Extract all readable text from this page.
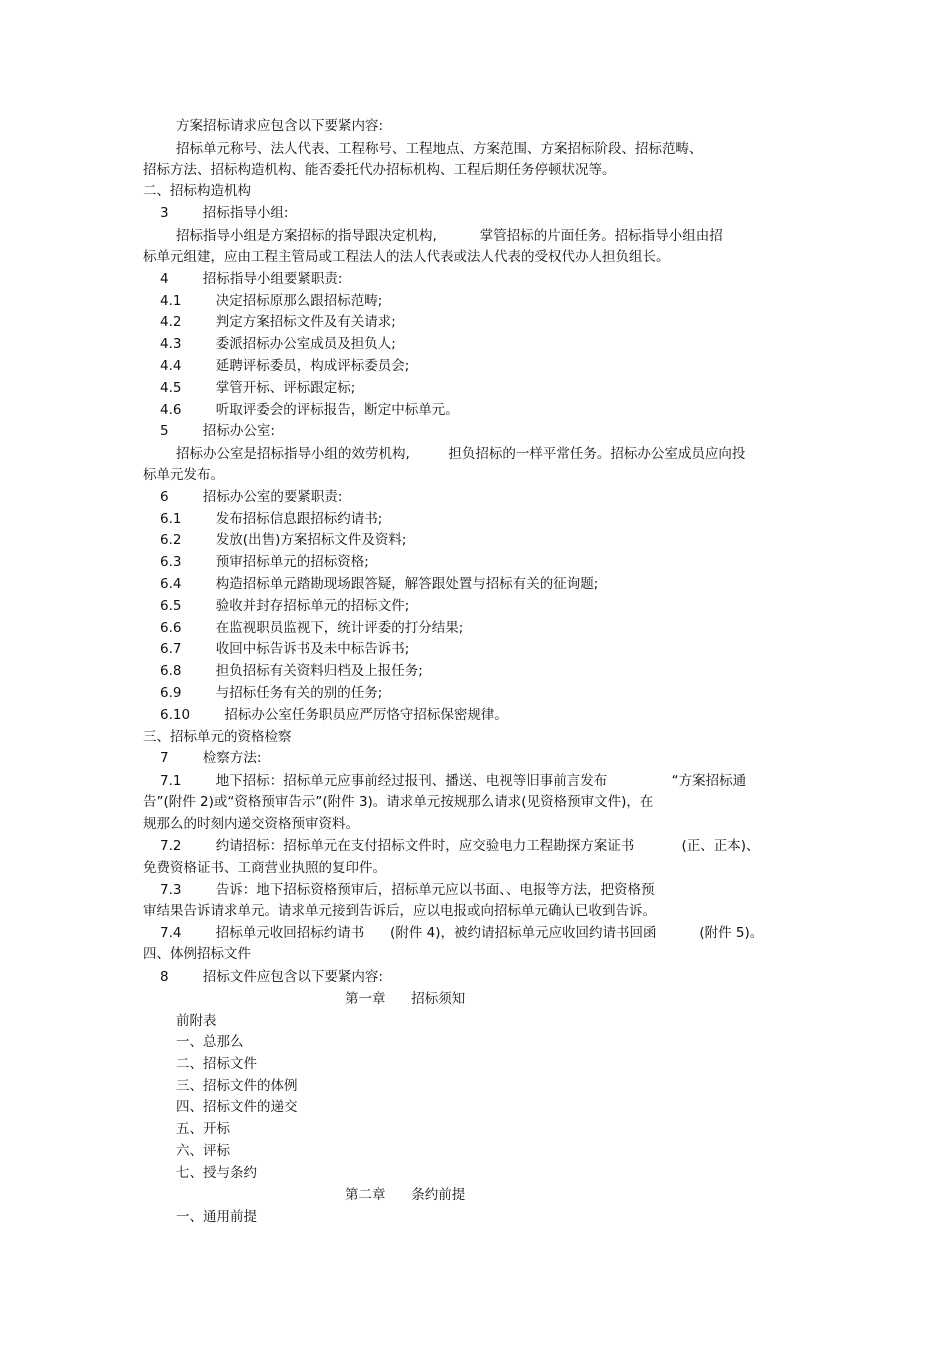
方案招标请求应包含以下要紧内容:
招标单元称号、法人代表、工程称号、工程地点、方案范围、方案招标阶段、招标范畴、
招标方法、招标构造机构、能否委托代办招标机构、工程后期任务停顿状况等。
二、招标构造机构
3        招标指导小组:
招标指导小组是方案招标的指导跟决定机构,          掌管招标的片面任务。招标指导小组由招
标单元组建，应由工程主管局或工程法人的法人代表或法人代表的受权代办人担负组长。
4        招标指导小组要紧职责:
4.1        决定招标原那么跟招标范畴;
4.2        判定方案招标文件及有关请求;
4.3        委派招标办公室成员及担负人;
4.4        延聘评标委员，构成评标委员会;
4.5        掌管开标、评标跟定标;
4.6        听取评委会的评标报告，断定中标单元。
5        招标办公室:
招标办公室是招标指导小组的效劳机构,         担负招标的一样平常任务。招标办公室成员应向投
标单元发布。
6        招标办公室的要紧职责:
6.1        发布招标信息跟招标约请书;
6.2        发放(出售)方案招标文件及资料;
6.3        预审招标单元的招标资格;
6.4        构造招标单元踏勘现场跟答疑，解答跟处置与招标有关的征询题;
6.5        验收并封存招标单元的招标文件;
6.6        在监视职员监视下，统计评委的打分结果;
6.7        收回中标告诉书及未中标告诉书;
6.8        担负招标有关资料归档及上报任务;
6.9        与招标任务有关的别的任务;
6.10        招标办公室任务职员应严厉恪守招标保密规律。
三、招标单元的资格检察
7        检察方法:
7.1        地下招标：招标单元应事前经过报刊、播送、电视等旧事前言发布               “方案招标通
告”(附件 2)或“资格预审告示”(附件 3)。请求单元按规那么请求(见资格预审文件)，在
规那么的时刻内递交资格预审资料。
7.2        约请招标：招标单元在支付招标文件时，应交验电力工程勘探方案证书           (正、正本)、
免费资格证书、工商营业执照的复印件。
7.3        告诉：地下招标资格预审后，招标单元应以书面、、电报等方法，把资格预
审结果告诉请求单元。请求单元接到告诉后，应以电报或向招标单元确认已收到告诉。
7.4        招标单元收回招标约请书      (附件 4)，被约请招标单元应收回约请书回函          (附件 5)。
四、体例招标文件
8        招标文件应包含以下要紧内容:
第一章      招标须知
前附表
一、总那么
二、招标文件
三、招标文件的体例
四、招标文件的递交
五、开标
六、评标
七、授与条约
第二章      条约前提
一、通用前提
